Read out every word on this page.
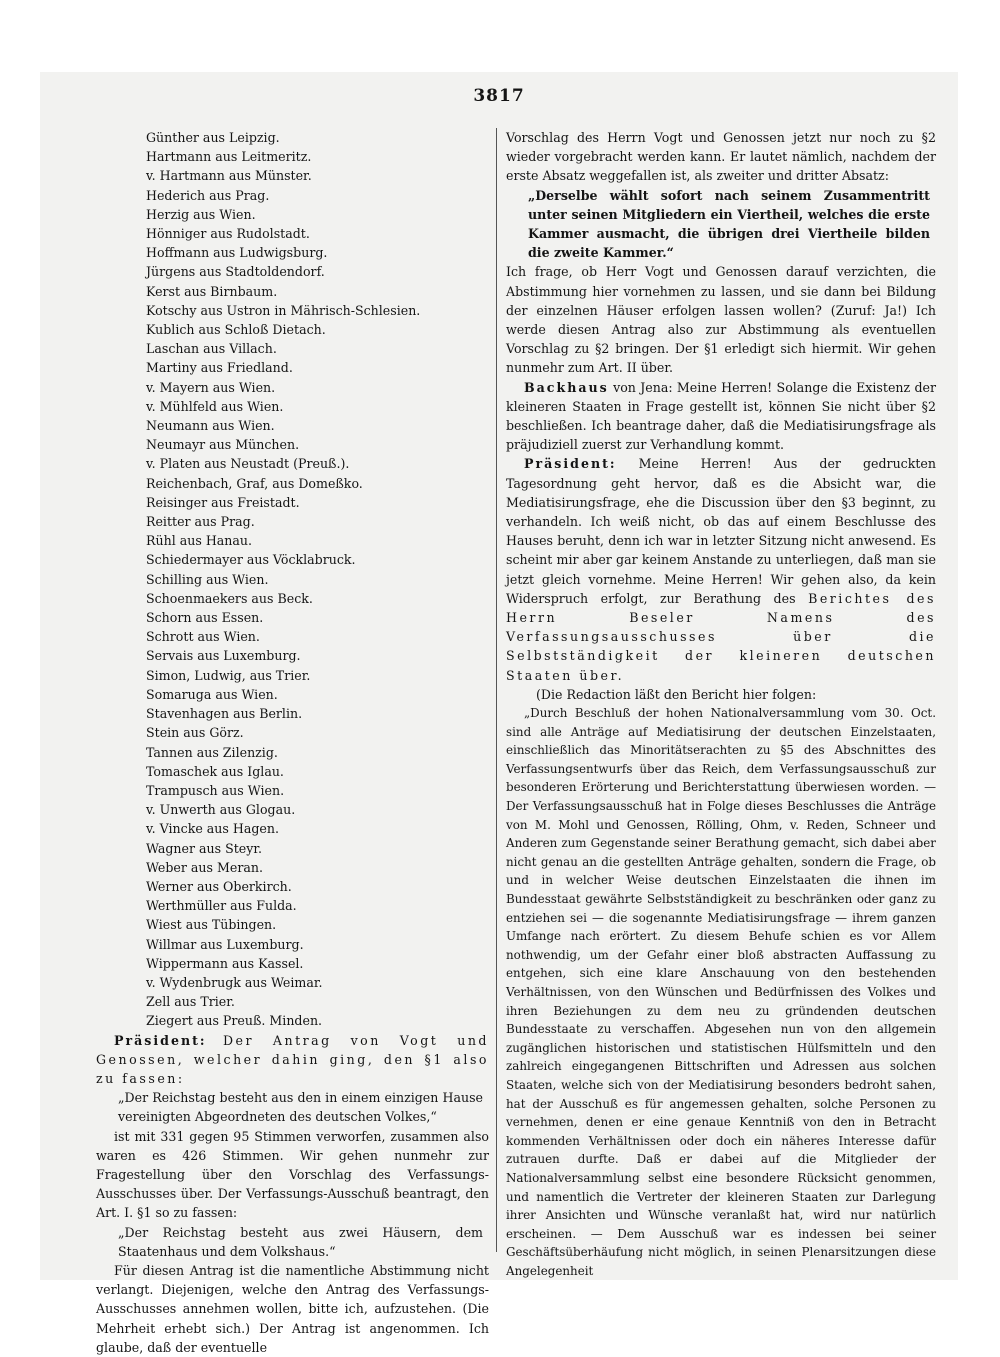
3817
Günther aus Leipzig.
Hartmann aus Leitmeritz.
v. Hartmann aus Münster.
Hederich aus Prag.
Herzig aus Wien.
Hönniger aus Rudolstadt.
Hoffmann aus Ludwigsburg.
Jürgens aus Stadtoldendorf.
Kerst aus Birnbaum.
Kotschy aus Ustron in Mährisch-Schlesien.
Kublich aus Schloß Dietach.
Laschan aus Villach.
Martiny aus Friedland.
v. Mayern aus Wien.
v. Mühlfeld aus Wien.
Neumann aus Wien.
Neumayr aus München.
v. Platen aus Neustadt (Preuß.).
Reichenbach, Graf, aus Domeßko.
Reisinger aus Freistadt.
Reitter aus Prag.
Rühl aus Hanau.
Schiedermayer aus Vöcklabruck.
Schilling aus Wien.
Schoenmaekers aus Beck.
Schorn aus Essen.
Schrott aus Wien.
Servais aus Luxemburg.
Simon, Ludwig, aus Trier.
Somaruga aus Wien.
Stavenhagen aus Berlin.
Stein aus Görz.
Tannen aus Zilenzig.
Tomaschek aus Iglau.
Trampusch aus Wien.
v. Unwerth aus Glogau.
v. Vincke aus Hagen.
Wagner aus Steyr.
Weber aus Meran.
Werner aus Oberkirch.
Werthmüller aus Fulda.
Wiest aus Tübingen.
Willmar aus Luxemburg.
Wippermann aus Kassel.
v. Wydenbrugk aus Weimar.
Zell aus Trier.
Ziegert aus Preuß. Minden.

Präsident: Der Antrag von Vogt und Genossen, welcher dahin ging, den §1 also zu fassen:

„Der Reichstag besteht aus den in einem einzigen Hause vereinigten Abgeordneten des deutschen Volkes,“

ist mit 331 gegen 95 Stimmen verworfen, zusammen also waren es 426 Stimmen. Wir gehen nunmehr zur Fragestellung über den Vorschlag des Verfassungs-Ausschusses über. Der Verfassungs-Ausschuß beantragt, den Art. I. §1 so zu fassen:

„Der Reichstag besteht aus zwei Häusern, dem Staatenhaus und dem Volkshaus.“

Für diesen Antrag ist die namentliche Abstimmung nicht verlangt. Diejenigen, welche den Antrag des Verfassungs-Ausschusses annehmen wollen, bitte ich, aufzustehen. (Die Mehrheit erhebt sich.) Der Antrag ist angenommen. Ich glaube, daß der eventuelle

Vorschlag des Herrn Vogt und Genossen jetzt nur noch zu §2 wieder vorgebracht werden kann. Er lautet nämlich, nachdem der erste Absatz weggefallen ist, als zweiter und dritter Absatz:

„Derselbe wählt sofort nach seinem Zusammentritt unter seinen Mitgliedern ein Viertheil, welches die erste Kammer ausmacht, die übrigen drei Viertheile bilden die zweite Kammer.“

Ich frage, ob Herr Vogt und Genossen darauf verzichten, die Abstimmung hier vornehmen zu lassen, und sie dann bei Bildung der einzelnen Häuser erfolgen lassen wollen? (Zuruf: Ja!) Ich werde diesen Antrag also zur Abstimmung als eventuellen Vorschlag zu §2 bringen. Der §1 erledigt sich hiermit. Wir gehen nunmehr zum Art. II über.

Backhaus von Jena: Meine Herren! Solange die Existenz der kleineren Staaten in Frage gestellt ist, können Sie nicht über §2 beschließen. Ich beantrage daher, daß die Mediatisirungsfrage als präjudiziell zuerst zur Verhandlung kommt.

Präsident: Meine Herren! Aus der gedruckten Tagesordnung geht hervor, daß es die Absicht war, die Mediatisirungsfrage, ehe die Discussion über den §3 beginnt, zu verhandeln. Ich weiß nicht, ob das auf einem Beschlusse des Hauses beruht, denn ich war in letzter Sitzung nicht anwesend. Es scheint mir aber gar keinem Anstande zu unterliegen, daß man sie jetzt gleich vornehme. Meine Herren! Wir gehen also, da kein Widerspruch erfolgt, zur Berathung des Berichtes des Herrn Beseler Namens des Verfassungsausschusses über die Selbstständigkeit der kleineren deutschen Staaten über.

(Die Redaction läßt den Bericht hier folgen:

„Durch Beschluß der hohen Nationalversammlung vom 30. Oct. sind alle Anträge auf Mediatisirung der deutschen Einzelstaaten, einschließlich das Minoritätserachten zu §5 des Abschnittes des Verfassungsentwurfs über das Reich, dem Verfassungsausschuß zur besonderen Erörterung und Berichterstattung überwiesen worden. — Der Verfassungsausschuß hat in Folge dieses Beschlusses die Anträge von M. Mohl und Genossen, Rölling, Ohm, v. Reden, Schneer und Anderen zum Gegenstande seiner Berathung gemacht, sich dabei aber nicht genau an die gestellten Anträge gehalten, sondern die Frage, ob und in welcher Weise deutschen Einzelstaaten die ihnen im Bundesstaat gewährte Selbstständigkeit zu beschränken oder ganz zu entziehen sei — die sogenannte Mediatisirungsfrage — ihrem ganzen Umfange nach erörtert. Zu diesem Behufe schien es vor Allem nothwendig, um der Gefahr einer bloß abstracten Auffassung zu entgehen, sich eine klare Anschauung von den bestehenden Verhältnissen, von den Wünschen und Bedürfnissen des Volkes und ihren Beziehungen zu dem neu zu gründenden deutschen Bundesstaate zu verschaffen. Abgesehen nun von den allgemein zugänglichen historischen und statistischen Hülfsmitteln und den zahlreich eingegangenen Bittschriften und Adressen aus solchen Staaten, welche sich von der Mediatisirung besonders bedroht sahen, hat der Ausschuß es für angemessen gehalten, solche Personen zu vernehmen, denen er eine genaue Kenntniß von den in Betracht kommenden Verhältnissen oder doch ein näheres Interesse dafür zutrauen durfte. Daß er dabei auf die Mitglieder der Nationalversammlung selbst eine besondere Rücksicht genommen, und namentlich die Vertreter der kleineren Staaten zur Darlegung ihrer Ansichten und Wünsche veranlaßt hat, wird nur natürlich erscheinen. — Dem Ausschuß war es indessen bei seiner Geschäftsüberhäufung nicht möglich, in seinen Plenarsitzungen diese Angelegenheit
